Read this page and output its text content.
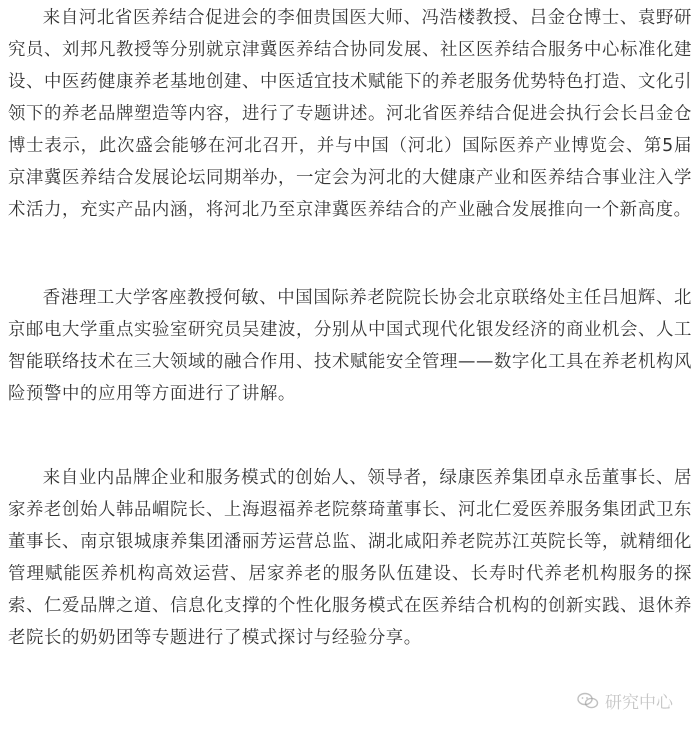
来自河北省医养结合促进会的李佃贵国医大师、冯浩楼教授、吕金仓博士、袁野研究员、刘邦凡教授等分别就京津冀医养结合协同发展、社区医养结合服务中心标准化建设、中医药健康养老基地创建、中医适宜技术赋能下的养老服务优势特色打造、文化引领下的养老品牌塑造等内容，进行了专题讲述。河北省医养结合促进会执行会长吕金仓博士表示，此次盛会能够在河北召开，并与中国（河北）国际医养产业博览会、第5届京津冀医养结合发展论坛同期举办，一定会为河北的大健康产业和医养结合事业注入学术活力，充实产品内涵，将河北乃至京津冀医养结合的产业融合发展推向一个新高度。

香港理工大学客座教授何敏、中国国际养老院院长协会北京联络处主任吕旭辉、北京邮电大学重点实验室研究员吴建波，分别从中国式现代化银发经济的商业机会、人工智能联络技术在三大领域的融合作用、技术赋能安全管理——数字化工具在养老机构风险预警中的应用等方面进行了讲解。

来自业内品牌企业和服务模式的创始人、领导者，绿康医养集团卓永岳董事长、居家养老创始人韩品嵋院长、上海遐福养老院蔡琦董事长、河北仁爱医养服务集团武卫东董事长、南京银城康养集团潘丽芳运营总监、湖北咸阳养老院苏江英院长等，就精细化管理赋能医养机构高效运营、居家养老的服务队伍建设、长寿时代养老机构服务的探索、仁爱品牌之道、信息化支撑的个性化服务模式在医养结合机构的创新实践、退休养老院长的奶奶团等专题进行了模式探讨与经验分享。

研究中心
